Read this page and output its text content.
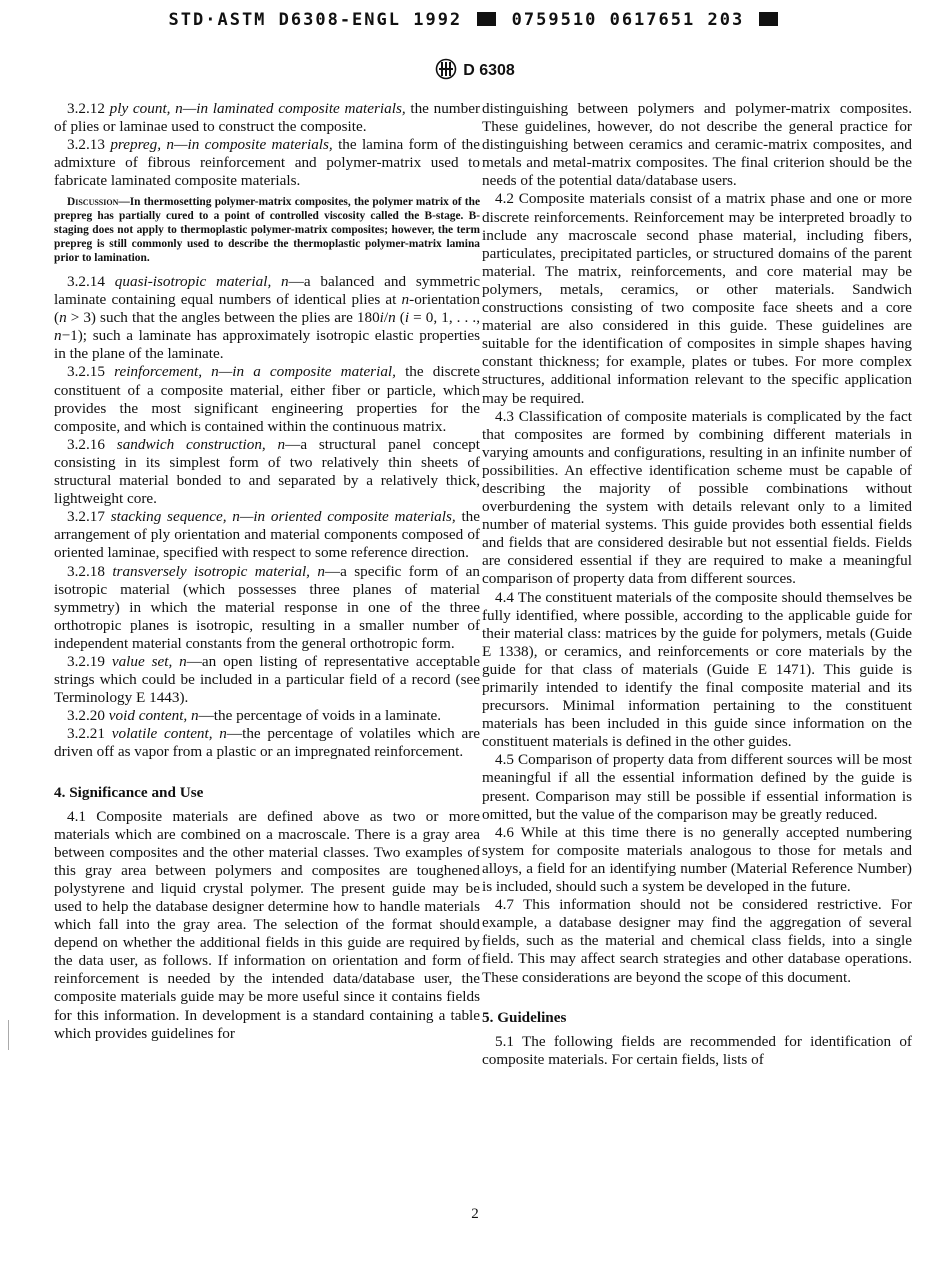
STD·ASTM D6308-ENGL 1992	0759510 0617651 203
D 6308

3.2.12 ply count, n—in laminated composite materials, the number of plies or laminae used to construct the composite.

3.2.13 prepreg, n—in composite materials, the lamina form of the admixture of fibrous reinforcement and polymer-matrix used to fabricate laminated composite materials.

Discussion—In thermosetting polymer-matrix composites, the polymer matrix of the prepreg has partially cured to a point of controlled viscosity called the B-stage. B-staging does not apply to thermoplastic polymer-matrix composites; however, the term prepreg is still commonly used to describe the thermoplastic polymer-matrix lamina prior to lamination.

3.2.14 quasi-isotropic material, n—a balanced and symmetric laminate containing equal numbers of identical plies at n-orientation (n > 3) such that the angles between the plies are 180i/n (i = 0, 1, . . ., n−1); such a laminate has approximately isotropic elastic properties in the plane of the laminate.

3.2.15 reinforcement, n—in a composite material, the discrete constituent of a composite material, either fiber or particle, which provides the most significant engineering properties for the composite, and which is contained within the continuous matrix.

3.2.16 sandwich construction, n—a structural panel concept consisting in its simplest form of two relatively thin sheets of structural material bonded to and separated by a relatively thick, lightweight core.

3.2.17 stacking sequence, n—in oriented composite materials, the arrangement of ply orientation and material components composed of oriented laminae, specified with respect to some reference direction.

3.2.18 transversely isotropic material, n—a specific form of an isotropic material (which possesses three planes of material symmetry) in which the material response in one of the three orthotropic planes is isotropic, resulting in a smaller number of independent material constants from the general orthotropic form.

3.2.19 value set, n—an open listing of representative acceptable strings which could be included in a particular field of a record (see Terminology E 1443).

3.2.20 void content, n—the percentage of voids in a laminate.

3.2.21 volatile content, n—the percentage of volatiles which are driven off as vapor from a plastic or an impregnated reinforcement.

4. Significance and Use

4.1 Composite materials are defined above as two or more materials which are combined on a macroscale. There is a gray area between composites and the other material classes. Two examples of this gray area between polymers and composites are toughened polystyrene and liquid crystal polymer. The present guide may be used to help the database designer determine how to handle materials which fall into the gray area. The selection of the format should depend on whether the additional fields in this guide are required by the data user, as follows. If information on orientation and form of reinforcement is needed by the intended data/database user, the composite materials guide may be more useful since it contains fields for this information. In development is a standard containing a table which provides guidelines for

distinguishing between polymers and polymer-matrix composites. These guidelines, however, do not describe the general practice for distinguishing between ceramics and ceramic-matrix composites, and metals and metal-matrix composites. The final criterion should be the needs of the potential data/database users.

4.2 Composite materials consist of a matrix phase and one or more discrete reinforcements. Reinforcement may be interpreted broadly to include any macroscale second phase material, including fibers, particulates, precipitated particles, or structured domains of the parent material. The matrix, reinforcements, and core material may be polymers, metals, ceramics, or other materials. Sandwich constructions consisting of two composite face sheets and a core material are also considered in this guide. These guidelines are suitable for the identification of composites in simple shapes having constant thickness; for example, plates or tubes. For more complex structures, additional information relevant to the specific application may be required.

4.3 Classification of composite materials is complicated by the fact that composites are formed by combining different materials in varying amounts and configurations, resulting in an infinite number of possibilities. An effective identification scheme must be capable of describing the majority of possible combinations without overburdening the system with details relevant only to a limited number of material systems. This guide provides both essential fields and fields that are considered desirable but not essential fields. Fields are considered essential if they are required to make a meaningful comparison of property data from different sources.

4.4 The constituent materials of the composite should themselves be fully identified, where possible, according to the applicable guide for their material class: matrices by the guide for polymers, metals (Guide E 1338), or ceramics, and reinforcements or core materials by the guide for that class of materials (Guide E 1471). This guide is primarily intended to identify the final composite material and its precursors. Minimal information pertaining to the constituent materials has been included in this guide since information on the constituent materials is defined in the other guides.

4.5 Comparison of property data from different sources will be most meaningful if all the essential information defined by the guide is present. Comparison may still be possible if essential information is omitted, but the value of the comparison may be greatly reduced.

4.6 While at this time there is no generally accepted numbering system for composite materials analogous to those for metals and alloys, a field for an identifying number (Material Reference Number) is included, should such a system be developed in the future.

4.7 This information should not be considered restrictive. For example, a database designer may find the aggregation of several fields, such as the material and chemical class fields, into a single field. This may affect search strategies and other database operations. These considerations are beyond the scope of this document.

5. Guidelines

5.1 The following fields are recommended for identification of composite materials. For certain fields, lists of

2
